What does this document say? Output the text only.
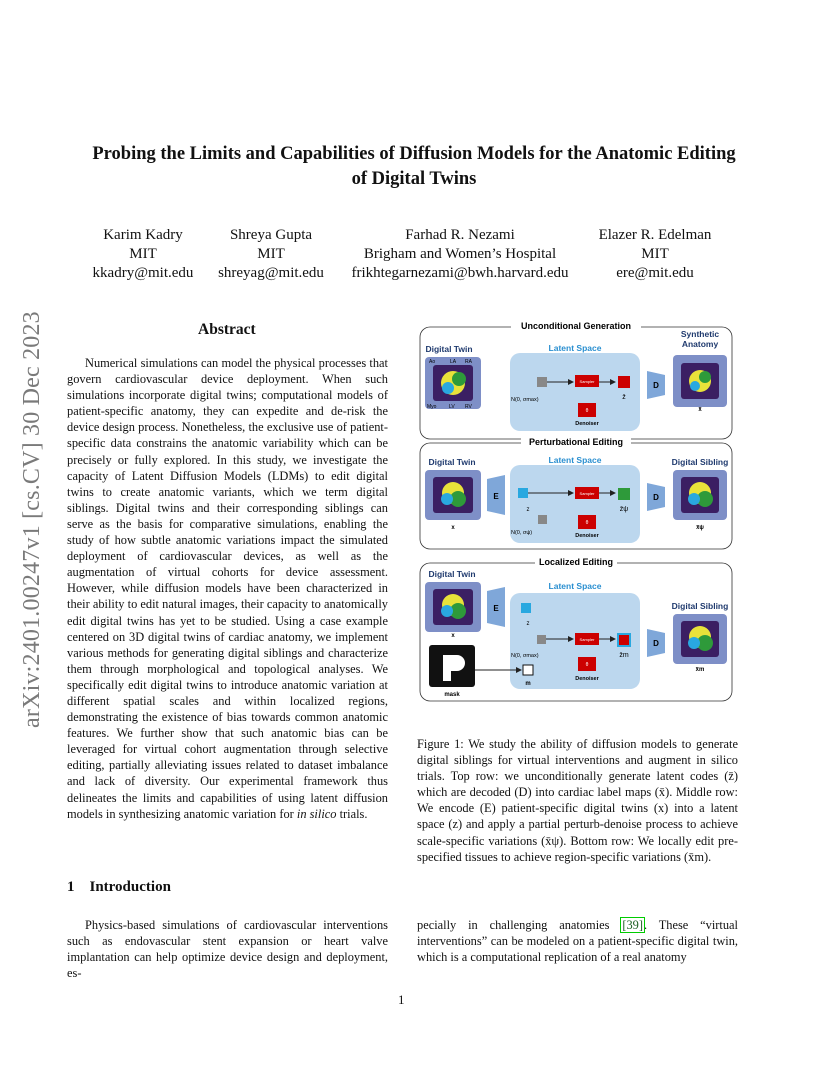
Probing the Limits and Capabilities of Diffusion Models for the Anatomic Editing
of Digital Twins
Karim Kadry
MIT
kkadry@mit.edu
Shreya Gupta
MIT
shreyag@mit.edu
Farhad R. Nezami
Brigham and Women’s Hospital
frikhtegarnezami@bwh.harvard.edu
Elazer R. Edelman
MIT
ere@mit.edu
arXiv:2401.00247v1 [cs.CV] 30 Dec 2023	Abstract
Numerical simulations can model the physical processes that govern cardiovascular device deployment. When such simulations incorporate digital twins; computational models of patient-specific anatomy, they can expedite and de-risk the device design process. Nonetheless, the exclusive use of patient-specific data constrains the anatomic variability which can be precisely or fully explored. In this study, we investigate the capacity of Latent Diffusion Models (LDMs) to edit digital twins to create anatomic variants, which we term digital siblings. Digital twins and their corresponding siblings can serve as the basis for comparative simulations, enabling the study of how subtle anatomic variations impact the simulated deployment of cardiovascular devices, as well as the augmentation of virtual cohorts for device assessment. However, while diffusion models have been characterized in their ability to edit natural images, their capacity to anatomically edit digital twins has yet to be studied. Using a case example centered on 3D digital twins of cardiac anatomy, we implement various methods for generating digital siblings and characterize them through morphological and topological analyses. We specifically edit digital twins to introduce anatomic variation at different spatial scales and within localized regions, demonstrating the existence of bias towards common anatomic features. We further show that such anatomic bias can be leveraged for virtual cohort augmentation through selective editing, partially alleviating issues related to dataset imbalance and lack of diversity. Our experimental framework thus delineates the limits and capabilities of using latent diffusion models in synthesizing anatomic variation for in silico trials.
1 Introduction
Physics-based simulations of cardiovascular interventions such as endovascular stent expansion or heart valve implantation can help optimize device design and deployment, es-
pecially in challenging anatomies [39]. These “virtual interventions” can be modeled on a patient-specific digital twin, which is a computational replication of a real anatomy
Figure 1: We study the ability of diffusion models to generate digital siblings for virtual interventions and augment in silico trials. Top row: we unconditionally generate latent codes (z̄) which are decoded (D) into cardiac label maps (x̄). Middle row: We encode (E) patient-specific digital twins (x) into a latent space (z) and apply a partial perturb-denoise process to achieve scale-specific variations (x̄ψ). Bottom row: We locally edit pre-specified tissues to achieve region-specific variations (x̄m).
1
Unconditional Generation
Digital Twin
Ao	LA RA
Myo	LV RV
Latent Space
N(0, σmax)
Sampler
θ
Denoiser
z̄
D
Synthetic
Anatomy
x̄
Perturbational Editing
Digital Twin
x
E
Latent Space
z
N(0, σψ)
Sampler
θ
Denoiser
z̄ψ
D
Digital Sibling
x̄ψ
Localized Editing
Digital Twin
x
mask
E
Latent Space
z
N(0, σmax)
m
Sampler
θ
Denoiser
z̄m
D
Digital Sibling
x̄m
